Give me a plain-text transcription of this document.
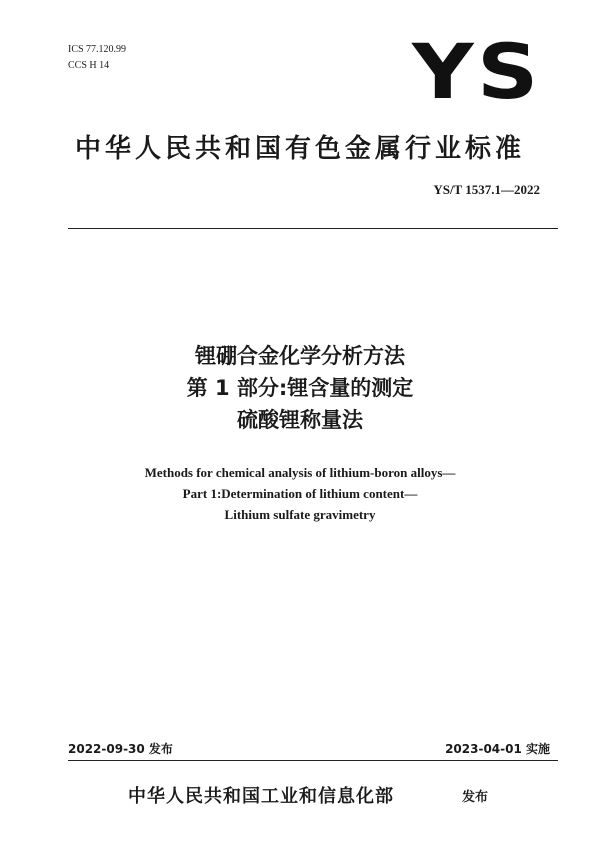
ICS 77.120.99
CCS H 14	YS
中华人民共和国有色金属行业标准
YS/T 1537.1—2022
锂硼合金化学分析方法
第 1 部分:锂含量的测定
硫酸锂称量法
Methods for chemical analysis of lithium-boron alloys—
Part 1:Determination of lithium content—
Lithium sulfate gravimetry
2022-09-30 发布	2023-04-01 实施
中华人民共和国工业和信息化部	发布
